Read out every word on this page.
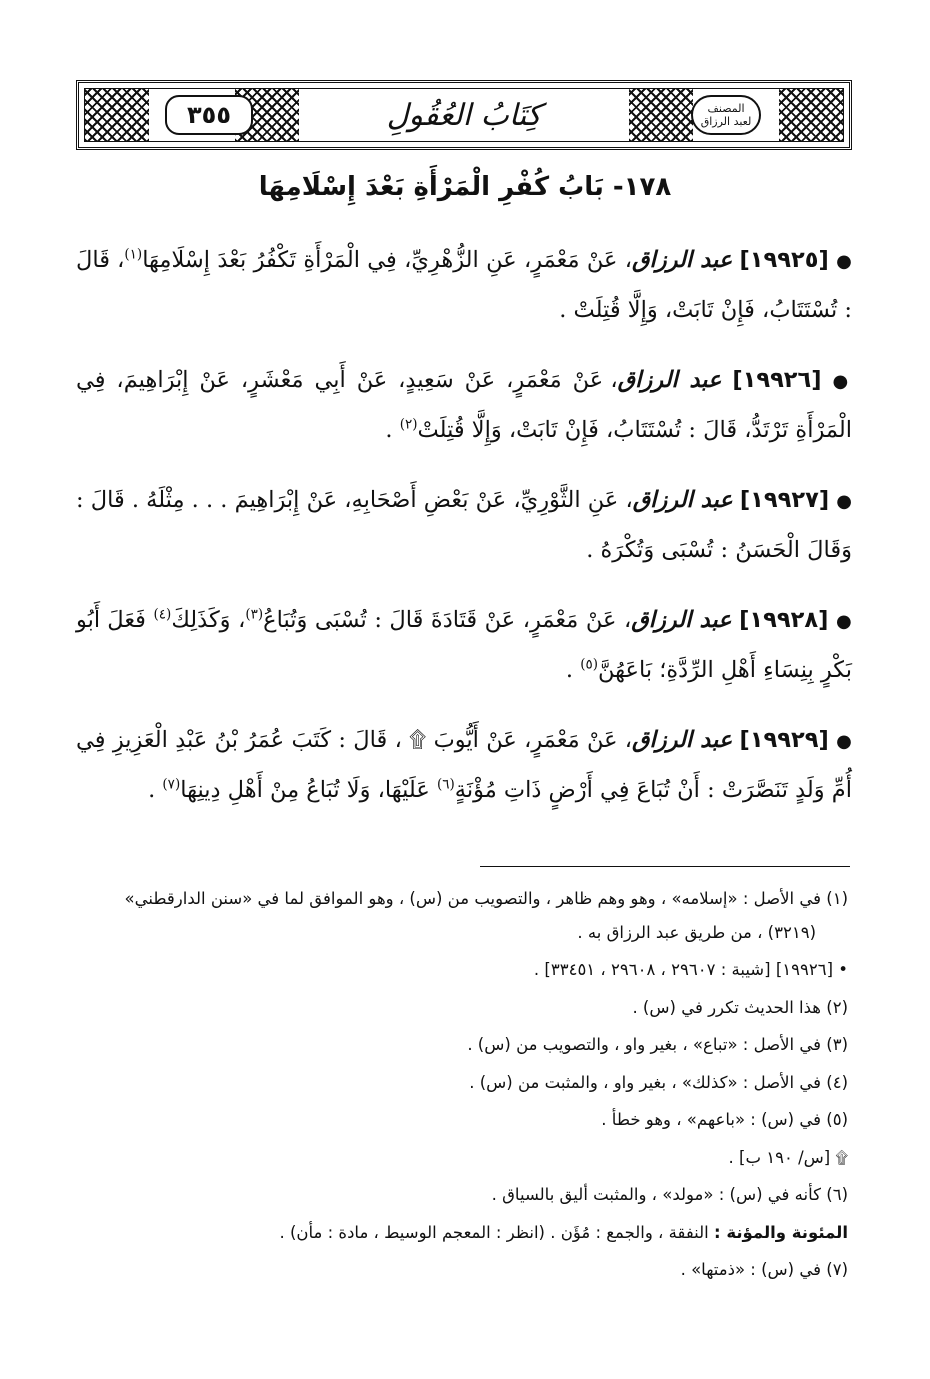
٣٥٥	كِتَابُ العُقُولِ	المصنف
لعبد الرزاق
١٧٨- بَابُ كُفْرِ الْمَرْأَةِ بَعْدَ إِسْلَامِهَا

● [١٩٩٢٥] عبد الرزاق، عَنْ مَعْمَرٍ، عَنِ الزُّهْرِيِّ، فِي الْمَرْأَةِ تَكْفُرُ بَعْدَ إِسْلَامِهَا$^{(١)}$، قَالَ : تُسْتَتَابُ، فَإِنْ تَابَتْ، وَإِلَّا قُتِلَتْ .

● [١٩٩٢٦] عبد الرزاق، عَنْ مَعْمَرٍ، عَنْ سَعِيدٍ، عَنْ أَبِي مَعْشَرٍ، عَنْ إِبْرَاهِيمَ، فِي الْمَرْأَةِ تَرْتَدُّ، قَالَ : تُسْتَتَابُ، فَإِنْ تَابَتْ، وَإِلَّا قُتِلَتْ$^{(٢)}$ .

● [١٩٩٢٧] عبد الرزاق، عَنِ الثَّوْرِيِّ، عَنْ بَعْضِ أَصْحَابِهِ، عَنْ إِبْرَاهِيمَ . . . مِثْلَهُ . قَالَ : وَقَالَ الْحَسَنُ : تُسْبَى وَتُكْرَهُ .

● [١٩٩٢٨] عبد الرزاق، عَنْ مَعْمَرٍ، عَنْ قَتَادَةَ قَالَ : تُسْبَى وَتُبَاعُ$^{(٣)}$، وَكَذَلِكَ$^{(٤)}$ فَعَلَ أَبُو بَكْرٍ بِنِسَاءِ أَهْلِ الرِّدَّةِ؛ بَاعَهُنَّ$^{(٥)}$ .

● [١٩٩٢٩] عبد الرزاق، عَنْ مَعْمَرٍ، عَنْ أَيُّوبَ ۩ ، قَالَ : كَتَبَ عُمَرُ بْنُ عَبْدِ الْعَزِيزِ فِي أُمِّ وَلَدٍ تَنَصَّرَتْ : أَنْ تُبَاعَ فِي أَرْضٍ ذَاتِ مُؤْنَةٍ$^{(٦)}$ عَلَيْهَا، وَلَا تُبَاعُ مِنْ أَهْلِ دِينِهَا$^{(٧)}$ .

(١) في الأصل : «إسلامه» ، وهو وهم ظاهر ، والتصويب من (س) ، وهو الموافق لما في «سنن الدارقطني»
(٣٢١٩) ، من طريق عبد الرزاق به .
• [١٩٩٢٦] [شيبة : ٢٩٦٠٧ ، ٢٩٦٠٨ ، ٣٣٤٥١] .
(٢) هذا الحديث تكرر في (س) .
(٣) في الأصل : «تباع» ، بغير واو ، والتصويب من (س) .
(٤) في الأصل : «كذلك» ، بغير واو ، والمثبت من (س) .
(٥) في (س) : «باعهم» ، وهو خطأ .
۩ [س/ ١٩٠ ب] .
(٦) كأنه في (س) : «مولد» ، والمثبت أليق بالسياق .
المئونة والمؤنة : النفقة ، والجمع : مُؤَن . (انظر : المعجم الوسيط ، مادة : مأن) .
(٧) في (س) : «ذمتها» .
